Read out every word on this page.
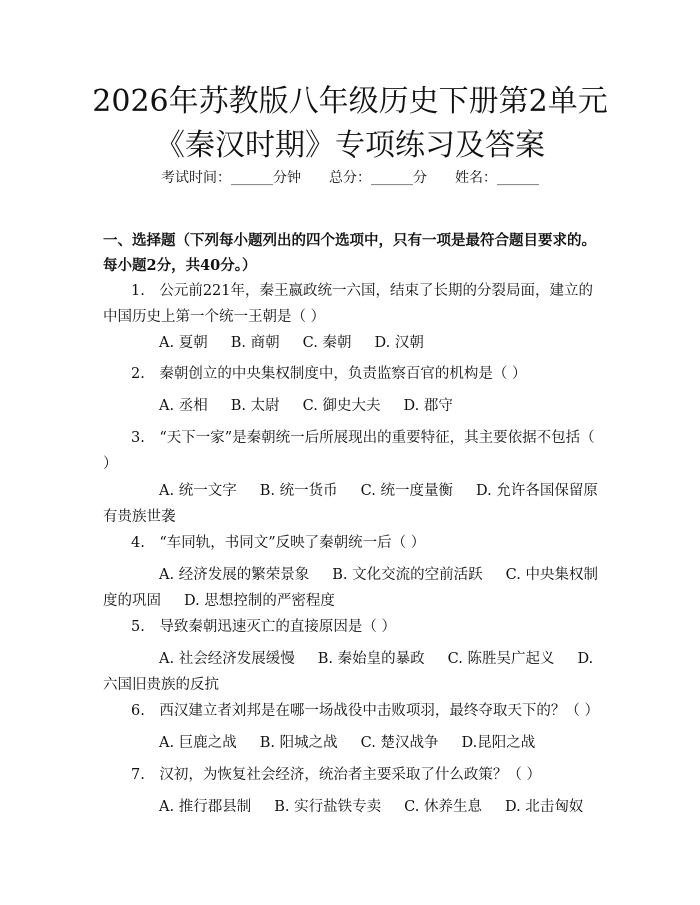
2026年苏教版八年级历史下册第2单元《秦汉时期》专项练习及答案
考试时间：______分钟　　总分：______分　　姓名：______
一、选择题（下列每小题列出的四个选项中，只有一项是最符合题目要求的。每小题2分，共40分。）
1.　公元前221年，秦王嬴政统一六国，结束了长期的分裂局面，建立的中国历史上第一个统一王朝是（ ）
A. 夏朝 B. 商朝 C. 秦朝 D. 汉朝
2.　秦朝创立的中央集权制度中，负责监察百官的机构是（ ）
A. 丞相 B. 太尉 C. 御史大夫 D. 郡守
3.　“天下一家”是秦朝统一后所展现出的重要特征，其主要依据不包括（ ）
A. 统一文字 B. 统一货币 C. 统一度量衡 D. 允许各国保留原有贵族世袭
4.　“车同轨，书同文”反映了秦朝统一后（ ）
A. 经济发展的繁荣景象 B. 文化交流的空前活跃 C. 中央集权制度的巩固 D. 思想控制的严密程度
5.　导致秦朝迅速灭亡的直接原因是（ ）
A. 社会经济发展缓慢 B. 秦始皇的暴政 C. 陈胜吴广起义 D. 六国旧贵族的反抗
6.　西汉建立者刘邦是在哪一场战役中击败项羽，最终夺取天下的？（ ）
A. 巨鹿之战 B. 阳城之战 C. 楚汉战争 D.昆阳之战
7.　汉初，为恢复社会经济，统治者主要采取了什么政策？（ ）
A. 推行郡县制 B. 实行盐铁专卖 C. 休养生息 D. 北击匈奴
